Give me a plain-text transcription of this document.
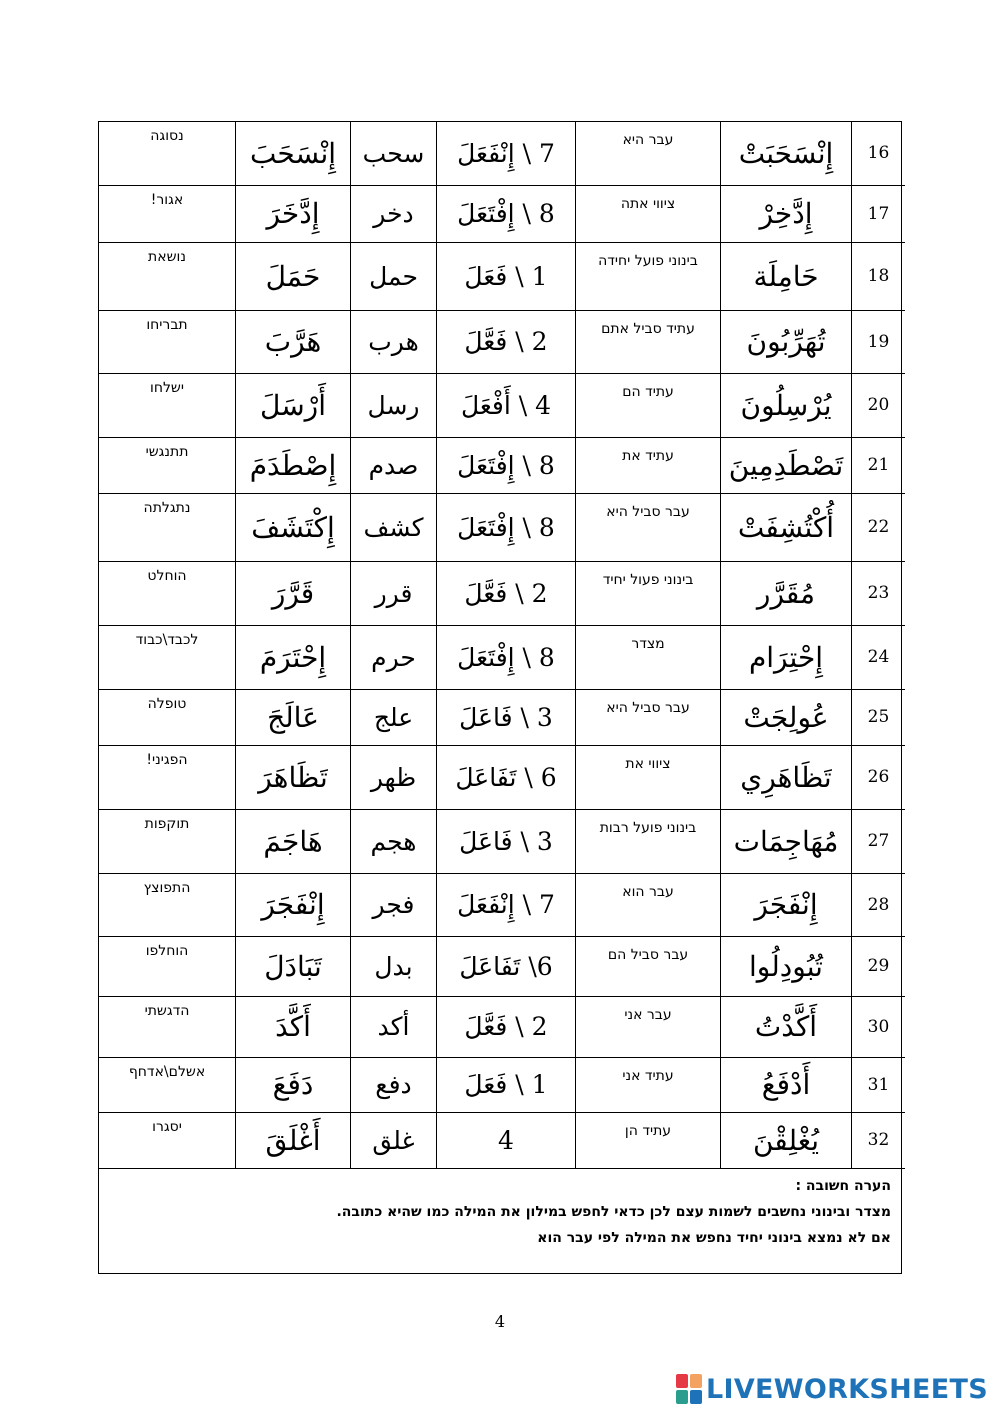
נסוגה	إِنْسَحَبَ	سحب	7 \ إِنْفَعَلَ	עבר היא	إِنْسَحَبَتْ	16
אגור!	إِدَّخَرَ	دخر	8 \ إِفْتَعَلَ	ציווי אתה	إِدَّخِرْ	17
נושאת	حَمَلَ	حمل	1 \ فَعَلَ	בינוני פועל יחידה	حَامِلَة	18
תבריחו	هَرَّبَ	هرب	2 \ فَعَّلَ	עתיד סביל אתם	تُهَرِّبُونَ	19
ישלחו	أَرْسَلَ	رسل	4 \ أَفْعَلَ	עתיד הם	يُرْسِلُونَ	20
תתנגשי	إِصْطَدَمَ	صدم	8 \ إِفْتَعَلَ	עתיד את	تَصْطَدِمِينَ	21
נתגלתה	إِكْتَشَفَ	كشف	8 \ إِفْتَعَلَ	עבר סביל היא	أُكْتُشِفَتْ	22
הוחלט	قَرَّرَ	قرر	2 \ فَعَّلَ	בינוני פעול יחיד	مُقَرَّر	23
לכבד\כבוד	إِحْتَرَمَ	حرم	8 \ إِفْتَعَلَ	מצדר	إِحْتِرَام	24
טופלה	عَالَجَ	علج	3 \ فَاعَلَ	עבר סביל היא	عُولِجَتْ	25
הפגיני!	تَظَاهَرَ	ظهر	6 \ تَفَاعَلَ	ציווי את	تَظَاهَرِي	26
תוקפות	هَاجَمَ	هجم	3 \ فَاعَلَ	בינוני פועל רבות	مُهَاجِمَات	27
התפוצץ	إِنْفَجَرَ	فجر	7 \ إِنْفَعَلَ	עבר הוא	إِنْفَجَرَ	28
הוחלפו	تَبَادَلَ	بدل	6\ تَفَاعَلَ	עבר סביל הם	تُبُودِلُوا	29
הדגשתי	أَكَّدَ	أكد	2 \ فَعَّلَ	עבר אני	أَكَّدْتُ	30
אשלם\אדחף	دَفَعَ	دفع	1 \ فَعَلَ	עתיד אני	أَدْفَعُ	31
יסגרו	أَغْلَقَ	غلق	4	עתיד הן	يُغْلِقْنَ	32
הערה חשובה :
מצדר ובינוני נחשבים לשמות עצם לכן כדאי לחפש במילון את המילה כמו שהיא כתובה.
אם לא נמצא בינוני יחיד נחפש את המילה לפי עבר הוא
4
LIVEWORKSHEETS
